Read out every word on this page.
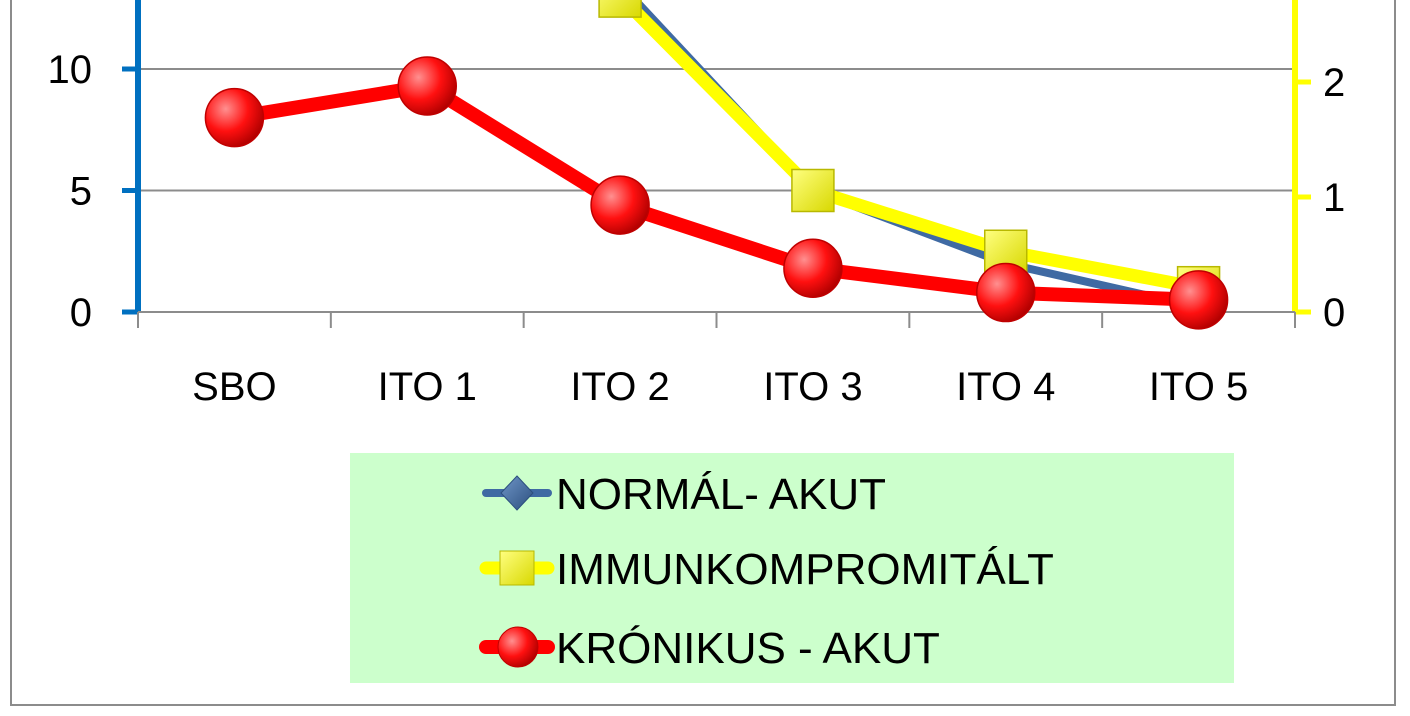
0
5
10
0
1
2
SBO	ITO 1 ITO 2 ITO 3 ITO 4 ITO 5
NORMÁL- AKUT
IMMUNKOMPROMITÁLT
KRÓNIKUS - AKUT
